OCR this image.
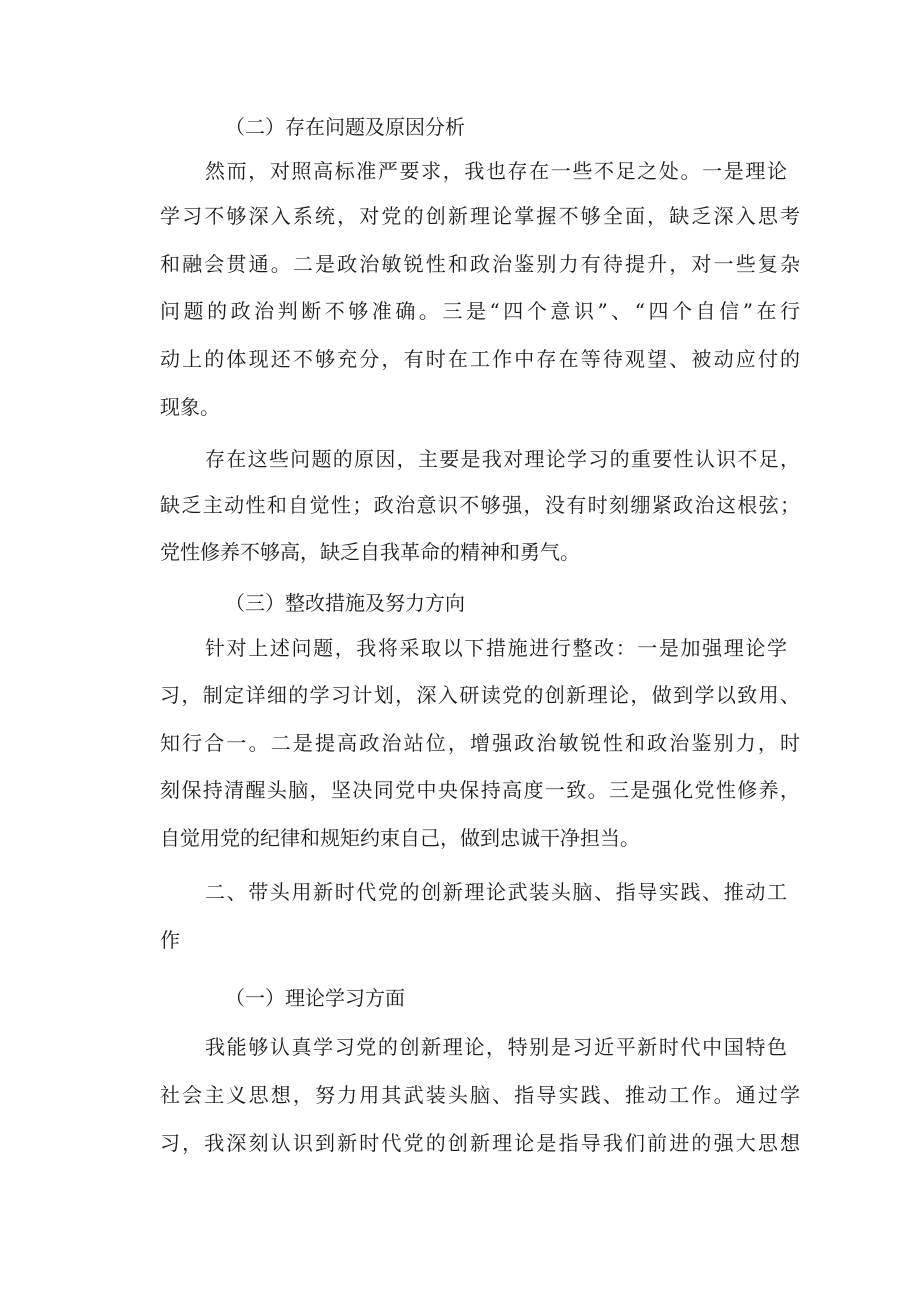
（二）存在问题及原因分析
然而，对照高标准严要求，我也存在一些不足之处。一是理论
学习不够深入系统，对党的创新理论掌握不够全面，缺乏深入思考
和融会贯通。二是政治敏锐性和政治鉴别力有待提升，对一些复杂
问题的政治判断不够准确。三是“四个意识”、“四个自信”在行
动上的体现还不够充分，有时在工作中存在等待观望、被动应付的
现象。
存在这些问题的原因，主要是我对理论学习的重要性认识不足，
缺乏主动性和自觉性；政治意识不够强，没有时刻绷紧政治这根弦；
党性修养不够高，缺乏自我革命的精神和勇气。
（三）整改措施及努力方向
针对上述问题，我将采取以下措施进行整改：一是加强理论学
习，制定详细的学习计划，深入研读党的创新理论，做到学以致用、
知行合一。二是提高政治站位，增强政治敏锐性和政治鉴别力，时
刻保持清醒头脑，坚决同党中央保持高度一致。三是强化党性修养，
自觉用党的纪律和规矩约束自己，做到忠诚干净担当。
二、带头用新时代党的创新理论武装头脑、指导实践、推动工
作
（一）理论学习方面
我能够认真学习党的创新理论，特别是习近平新时代中国特色
社会主义思想，努力用其武装头脑、指导实践、推动工作。通过学
习，我深刻认识到新时代党的创新理论是指导我们前进的强大思想
